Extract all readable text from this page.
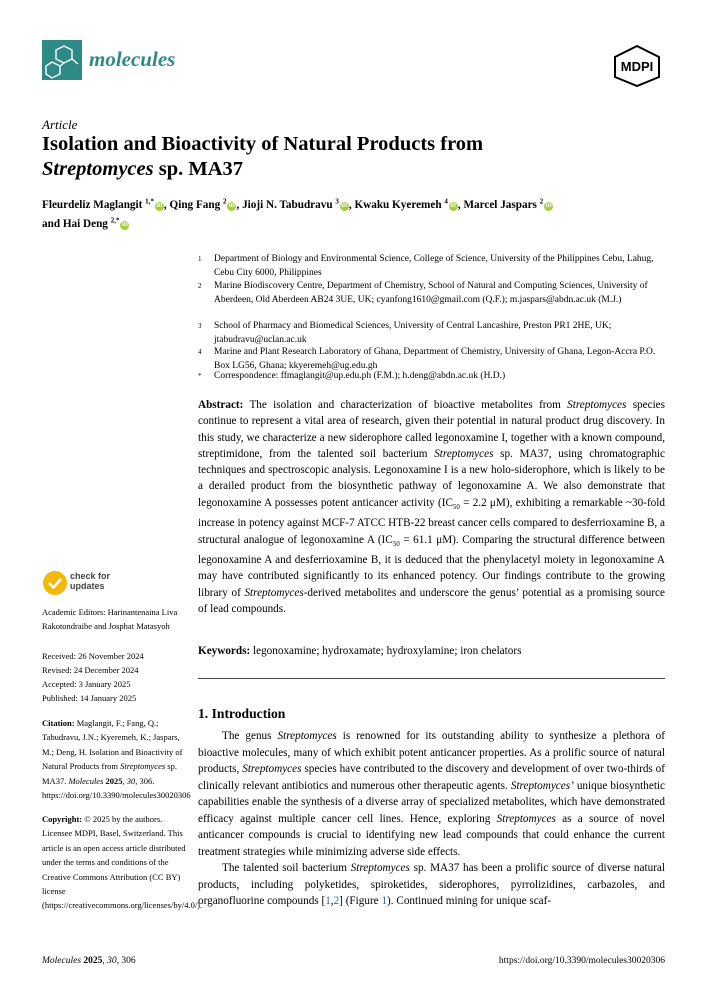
molecules	MDPI
Article
Isolation and Bioactivity of Natural Products from
Streptomyces sp. MA37
Fleurdeliz Maglangit $^{1,*}$iD , Qing Fang $^2$iD , Jioji N. Tabudravu $^3$iD , Kwaku Kyeremeh $^4$iD , Marcel Jaspars $^2$iD
and Hai Deng $^{2,*}$iD
1 Department of Biology and Environmental Science, College of Science, University of the Philippines Cebu, Lahug, Cebu City 6000, Philippines
2 Marine Biodiscovery Centre, Department of Chemistry, School of Natural and Computing Sciences, University of Aberdeen, Old Aberdeen AB24 3UE, UK; cyanfong1610@gmail.com (Q.F.); m.jaspars@abdn.ac.uk (M.J.)
3 School of Pharmacy and Biomedical Sciences, University of Central Lancashire, Preston PR1 2HE, UK; jtabudravu@uclan.ac.uk
4 Marine and Plant Research Laboratory of Ghana, Department of Chemistry, University of Ghana, Legon-Accra P.O. Box LG56, Ghana; kkyeremeh@ug.edu.gh
* Correspondence: ffmaglangit@up.edu.ph (F.M.); h.deng@abdn.ac.uk (H.D.)
Abstract: The isolation and characterization of bioactive metabolites from Streptomyces species continue to represent a vital area of research, given their potential in natural product drug discovery. In this study, we characterize a new siderophore called legonoxamine I, together with a known compound, streptimidone, from the talented soil bacterium Streptomyces sp. MA37, using chromatographic techniques and spectroscopic analysis. Legonoxamine I is a new holo-siderophore, which is likely to be a derailed product from the biosynthetic pathway of legonoxamine A. We also demonstrate that legonoxamine A possesses potent anticancer activity ($IC_{50} = 2.2$ μM), exhibiting a remarkable ~30-fold increase in potency against MCF-7 ATCC HTB-22 breast cancer cells compared to desferrioxamine B, a structural analogue of legonoxamine A ($IC_{50} = 61.1$ μM). Comparing the structural difference between legonoxamine A and desferrioxamine B, it is deduced that the phenylacetyl moiety in legonoxamine A may have contributed significantly to its enhanced potency. Our findings contribute to the growing library of Streptomyces-derived metabolites and underscore the genus’ potential as a promising source of lead compounds.
Keywords: legonoxamine; hydroxamate; hydroxylamine; iron chelators
check for
updates
Academic Editors: Harinantenaina Liva Rakotondraibe and Josphat Matasyoh
Received: 26 November 2024
Revised: 24 December 2024
Accepted: 3 January 2025
Published: 14 January 2025
Citation: Maglangit, F.; Fang, Q.; Tabudravu, J.N.; Kyeremeh, K.; Jaspars, M.; Deng, H. Isolation and Bioactivity of Natural Products from Streptomyces sp. MA37. Molecules 2025, 30, 306. https://doi.org/10.3390/molecules30020306
Copyright: © 2025 by the authors. Licensee MDPI, Basel, Switzerland. This article is an open access article distributed under the terms and conditions of the Creative Commons Attribution (CC BY) license (https://creativecommons.org/licenses/by/4.0/).
1. Introduction

The genus Streptomyces is renowned for its outstanding ability to synthesize a plethora of bioactive molecules, many of which exhibit potent anticancer properties. As a prolific source of natural products, Streptomyces species have contributed to the discovery and development of over two-thirds of clinically relevant antibiotics and numerous other therapeutic agents. Streptomyces’ unique biosynthetic capabilities enable the synthesis of a diverse array of specialized metabolites, which have demonstrated efficacy against multiple cancer cell lines. Hence, exploring Streptomyces as a source of novel anticancer compounds is crucial to identifying new lead compounds that could enhance the current treatment strategies while minimizing adverse side effects.

The talented soil bacterium Streptomyces sp. MA37 has been a prolific source of diverse natural products, including polyketides, spiroketides, siderophores, pyrrolizidines, carbazoles, and organofluorine compounds [1,2] (Figure 1). Continued mining for unique scaf-

Molecules 2025, 30, 306	https://doi.org/10.3390/molecules30020306
